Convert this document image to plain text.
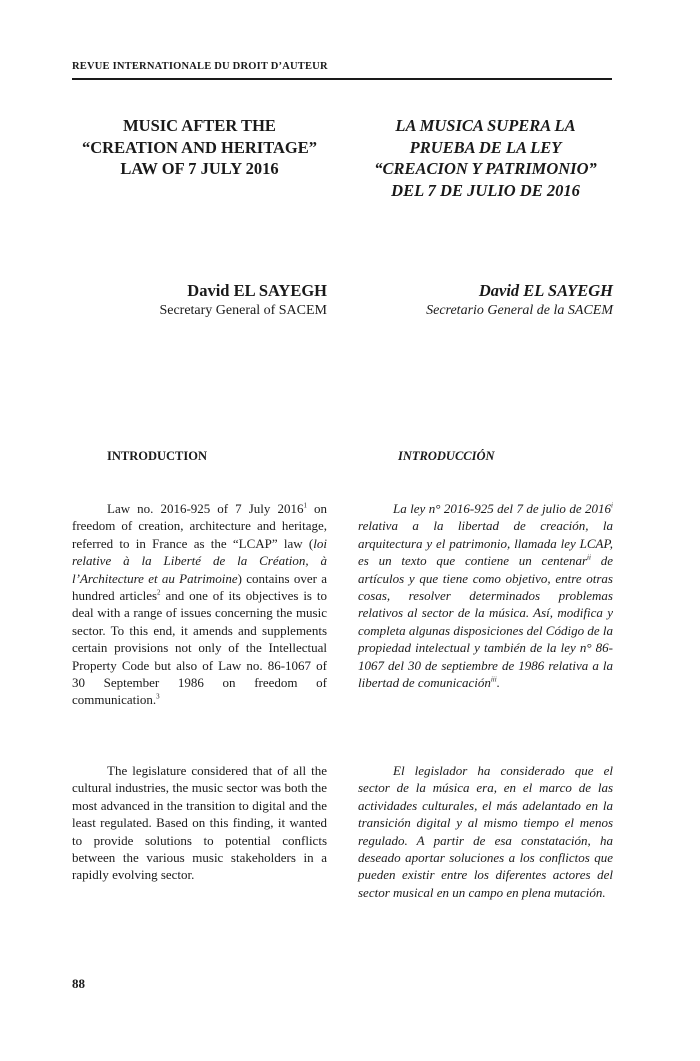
REVUE INTERNATIONALE DU DROIT D’AUTEUR
MUSIC AFTER THE
“CREATION AND HERITAGE”
LAW OF 7 JULY 2016
LA MUSICA SUPERA LA
PRUEBA DE LA LEY
“CREACION Y PATRIMONIO”
DEL 7 DE JULIO DE 2016
David EL SAYEGH	David EL SAYEGH
Secretary General of SACEM	Secretario General de la SACEM
INTRODUCTION	INTRODUCCIÓN

Law no. 2016-925 of 7 July 2016$^1$ on freedom of creation, architecture and heritage, referred to in France as the “LCAP” law (loi relative à la Liberté de la Création, à l’Architecture et au Patrimoine) contains over a hundred articles$^2$ and one of its objectives is to deal with a range of issues concerning the music sector. To this end, it amends and supplements certain provisions not only of the Intellectual Property Code but also of Law no. 86-1067 of 30 September 1986 on freedom of communication.$^3$

La ley n° 2016-925 del 7 de julio de 2016$^i$ relativa a la libertad de creación, la arquitectura y el patrimonio, llamada ley LCAP, es un texto que contiene un centenar$^{ii}$ de artículos y que tiene como objetivo, entre otras cosas, resolver determinados problemas relativos al sector de la música. Así, modifica y completa algunas disposiciones del Código de la propiedad intelectual y también de la ley n° 86-1067 del 30 de septiembre de 1986 relativa a la libertad de comunicación$^{iii}$.

The legislature considered that of all the cultural industries, the music sector was both the most advanced in the transition to digital and the least regulated. Based on this finding, it wanted to provide solutions to potential conflicts between the various music stakeholders in a rapidly evolving sector.

El legislador ha considerado que el sector de la música era, en el marco de las actividades culturales, el más adelantado en la transición digital y al mismo tiempo el menos regulado. A partir de esa constatación, ha deseado aportar soluciones a los conflictos que pueden existir entre los diferentes actores del sector musical en un campo en plena mutación.

88
